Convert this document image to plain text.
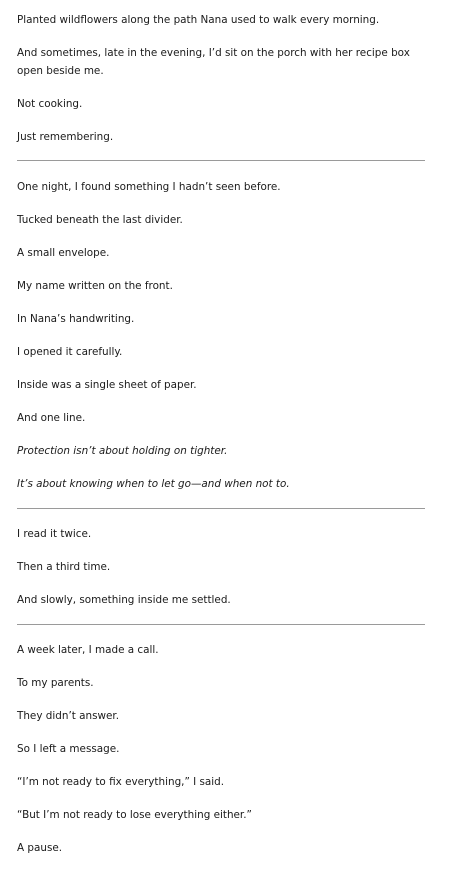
Planted wildflowers along the path Nana used to walk every morning.

And sometimes, late in the evening, I’d sit on the porch with her recipe box open beside me.

Not cooking.

Just remembering.

One night, I found something I hadn’t seen before.

Tucked beneath the last divider.

A small envelope.

My name written on the front.

In Nana’s handwriting.

I opened it carefully.

Inside was a single sheet of paper.

And one line.

Protection isn’t about holding on tighter.

It’s about knowing when to let go—and when not to.

I read it twice.

Then a third time.

And slowly, something inside me settled.

A week later, I made a call.

To my parents.

They didn’t answer.

So I left a message.

“I’m not ready to fix everything,” I said.

“But I’m not ready to lose everything either.”

A pause.
